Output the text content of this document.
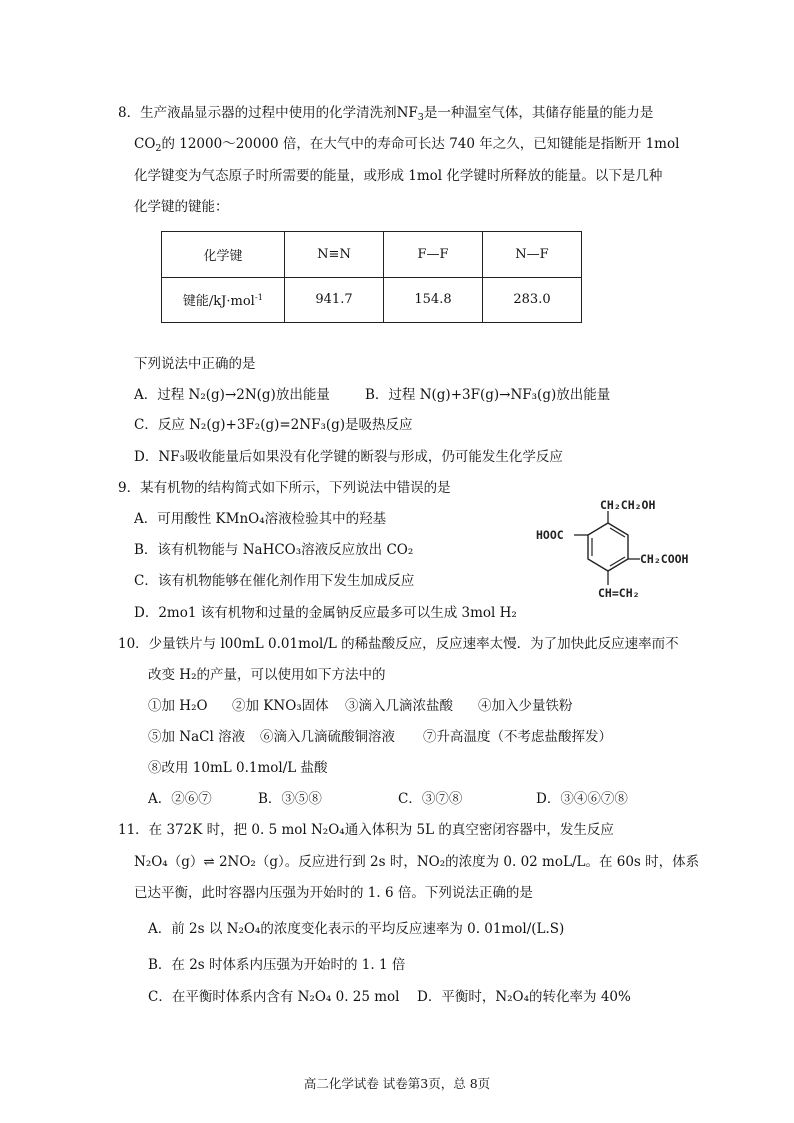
8．生产液晶显示器的过程中使用的化学清洗剂$NF_3$是一种温室气体，其储存能量的能力是
$CO_2$的 12000～20000 倍，在大气中的寿命可长达 740 年之久，已知键能是指断开 1mol
化学键变为气态原子时所需要的能量，或形成 1mol 化学键时所释放的能量。以下是几种
化学键的键能：
化学键	N≡N	F—F	N—F
键能/kJ·mol$^{-1}$	941.7	154.8	283.0
下列说法中正确的是
A．过程 N₂(g)→2N(g)放出能量	B．过程 N(g)+3F(g)→NF₃(g)放出能量
C．反应 N₂(g)+3F₂(g)=2NF₃(g)是吸热反应
D．NF₃吸收能量后如果没有化学键的断裂与形成，仍可能发生化学反应
9．某有机物的结构简式如下所示，下列说法中错误的是
A．可用酸性 KMnO₄溶液检验其中的羟基
B．该有机物能与 NaHCO₃溶液反应放出 CO₂
C．该有机物能够在催化剂作用下发生加成反应
D．2mo1 该有机物和过量的金属钠反应最多可以生成 3mol H₂
CH₂CH₂OH
HOOC
CH₂COOH
CH=CH₂
10．少量铁片与 l00mL 0.01mol/L 的稀盐酸反应，反应速率太慢．为了加快此反应速率而不
改变 H₂的产量，可以使用如下方法中的
①加 H₂O ②加 KNO₃固体 ③滴入几滴浓盐酸 ④加入少量铁粉
⑤加 NaCl 溶液 ⑥滴入几滴硫酸铜溶液 ⑦升高温度（不考虑盐酸挥发）
⑧改用 10mL 0.1mol/L 盐酸
A．②⑥⑦	B．③⑤⑧	C．③⑦⑧	D．③④⑥⑦⑧
11．在 372K 时，把 0. 5 mol N₂O₄通入体积为 5L 的真空密闭容器中，发生反应
N₂O₄（g）⇌ 2NO₂（g）。反应进行到 2s 时，NO₂的浓度为 0. 02 moL/L。在 60s 时，体系
已达平衡，此时容器内压强为开始时的 1. 6 倍。下列说法正确的是
A．前 2s 以 N₂O₄的浓度变化表示的平均反应速率为 0. 01mol/(L.S)
B．在 2s 时体系内压强为开始时的 1. 1 倍
C．在平衡时体系内含有 N₂O₄ 0. 25 mol D．平衡时，N₂O₄的转化率为 40%
高二化学试卷 试卷第3页，总 8页
